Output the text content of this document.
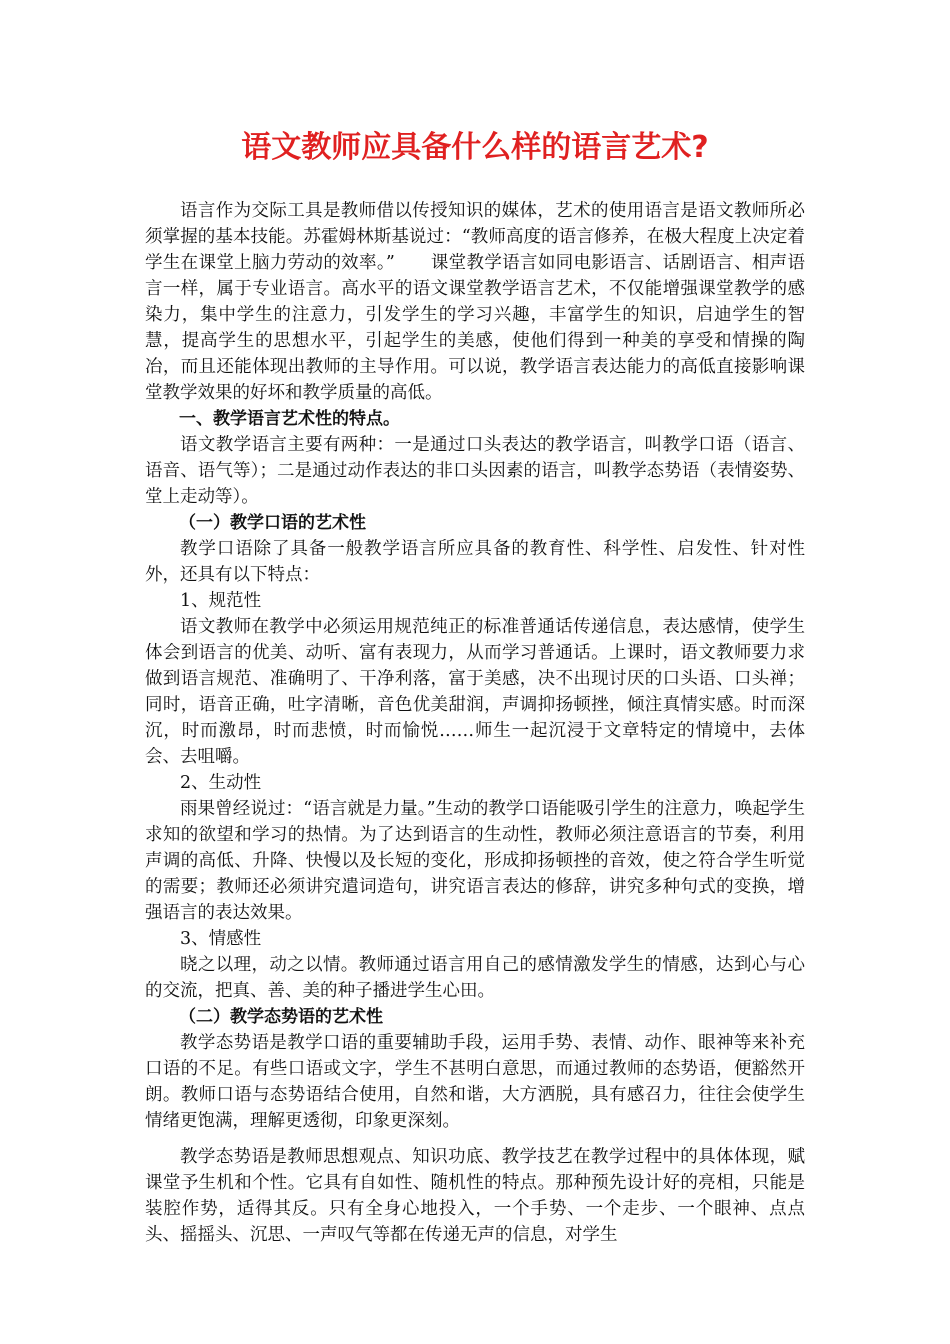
语文教师应具备什么样的语言艺术?

语言作为交际工具是教师借以传授知识的媒体，艺术的使用语言是语文教师所必须掌握的基本技能。苏霍姆林斯基说过：“教师高度的语言修养，在极大程度上决定着学生在课堂上脑力劳动的效率。”　　课堂教学语言如同电影语言、话剧语言、相声语言一样，属于专业语言。高水平的语文课堂教学语言艺术，不仅能增强课堂教学的感染力，集中学生的注意力，引发学生的学习兴趣，丰富学生的知识，启迪学生的智慧，提高学生的思想水平，引起学生的美感，使他们得到一种美的享受和情操的陶冶，而且还能体现出教师的主导作用。可以说，教学语言表达能力的高低直接影响课堂教学效果的好坏和教学质量的高低。

一、教学语言艺术性的特点。

语文教学语言主要有两种：一是通过口头表达的教学语言，叫教学口语（语言、语音、语气等）；二是通过动作表达的非口头因素的语言，叫教学态势语（表情姿势、堂上走动等）。

（一）教学口语的艺术性

教学口语除了具备一般教学语言所应具备的教育性、科学性、启发性、针对性外，还具有以下特点：

1、规范性

语文教师在教学中必须运用规范纯正的标准普通话传递信息，表达感情，使学生体会到语言的优美、动听、富有表现力，从而学习普通话。上课时，语文教师要力求做到语言规范、准确明了、干净利落，富于美感，决不出现讨厌的口头语、口头禅；同时，语音正确，吐字清晰，音色优美甜润，声调抑扬顿挫，倾注真情实感。时而深沉，时而激昂，时而悲愤，时而愉悦……师生一起沉浸于文章特定的情境中，去体会、去咀嚼。

2、生动性

雨果曾经说过：“语言就是力量。”生动的教学口语能吸引学生的注意力，唤起学生求知的欲望和学习的热情。为了达到语言的生动性，教师必须注意语言的节奏，利用声调的高低、升降、快慢以及长短的变化，形成抑扬顿挫的音效，使之符合学生听觉的需要；教师还必须讲究遣词造句，讲究语言表达的修辞，讲究多种句式的变换，增强语言的表达效果。

3、情感性

晓之以理，动之以情。教师通过语言用自己的感情激发学生的情感，达到心与心的交流，把真、善、美的种子播进学生心田。

（二）教学态势语的艺术性

教学态势语是教学口语的重要辅助手段，运用手势、表情、动作、眼神等来补充口语的不足。有些口语或文字，学生不甚明白意思，而通过教师的态势语，便豁然开朗。教师口语与态势语结合使用，自然和谐，大方洒脱，具有感召力，往往会使学生情绪更饱满，理解更透彻，印象更深刻。

教学态势语是教师思想观点、知识功底、教学技艺在教学过程中的具体体现，赋课堂予生机和个性。它具有自如性、随机性的特点。那种预先设计好的亮相，只能是装腔作势，适得其反。只有全身心地投入，一个手势、一个走步、一个眼神、点点头、摇摇头、沉思、一声叹气等都在传递无声的信息，对学生
